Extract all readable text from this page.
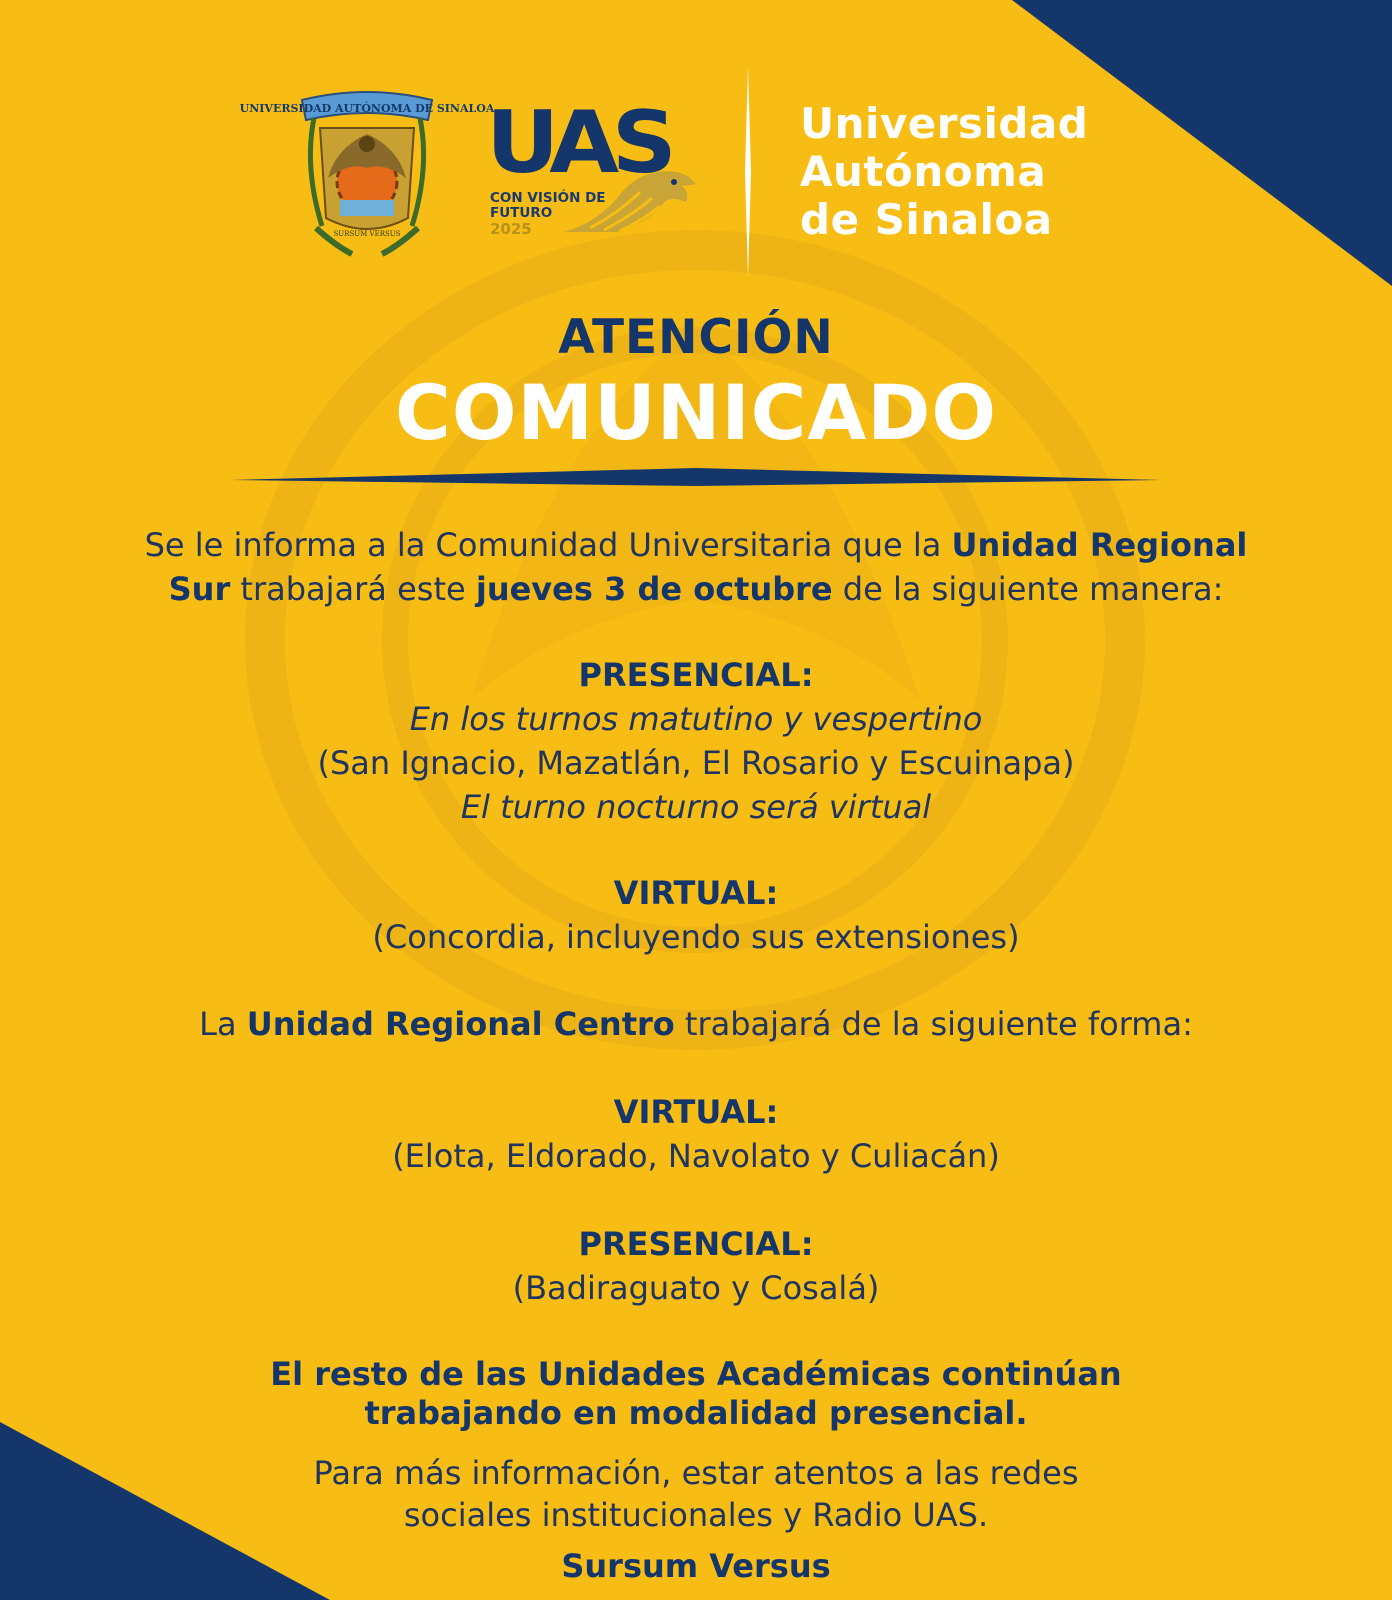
UNIVERSIDAD AUTÓNOMA DE SINALOA
SURSUM VERSUS
UAS
CON VISIÓN DE
FUTURO
2025
Universidad
Autónoma
de Sinaloa
ATENCIÓN
COMUNICADO
Se le informa a la Comunidad Universitaria que la Unidad Regional
Sur trabajará este jueves 3 de octubre de la siguiente manera:
PRESENCIAL:
En los turnos matutino y vespertino
(San Ignacio, Mazatlán, El Rosario y Escuinapa)
El turno nocturno será virtual
VIRTUAL:
(Concordia, incluyendo sus extensiones)
La Unidad Regional Centro trabajará de la siguiente forma:
VIRTUAL:
(Elota, Eldorado, Navolato y Culiacán)
PRESENCIAL:
(Badiraguato y Cosalá)
El resto de las Unidades Académicas continúan
trabajando en modalidad presencial.
Para más información, estar atentos a las redes
sociales institucionales y Radio UAS.
Sursum Versus
